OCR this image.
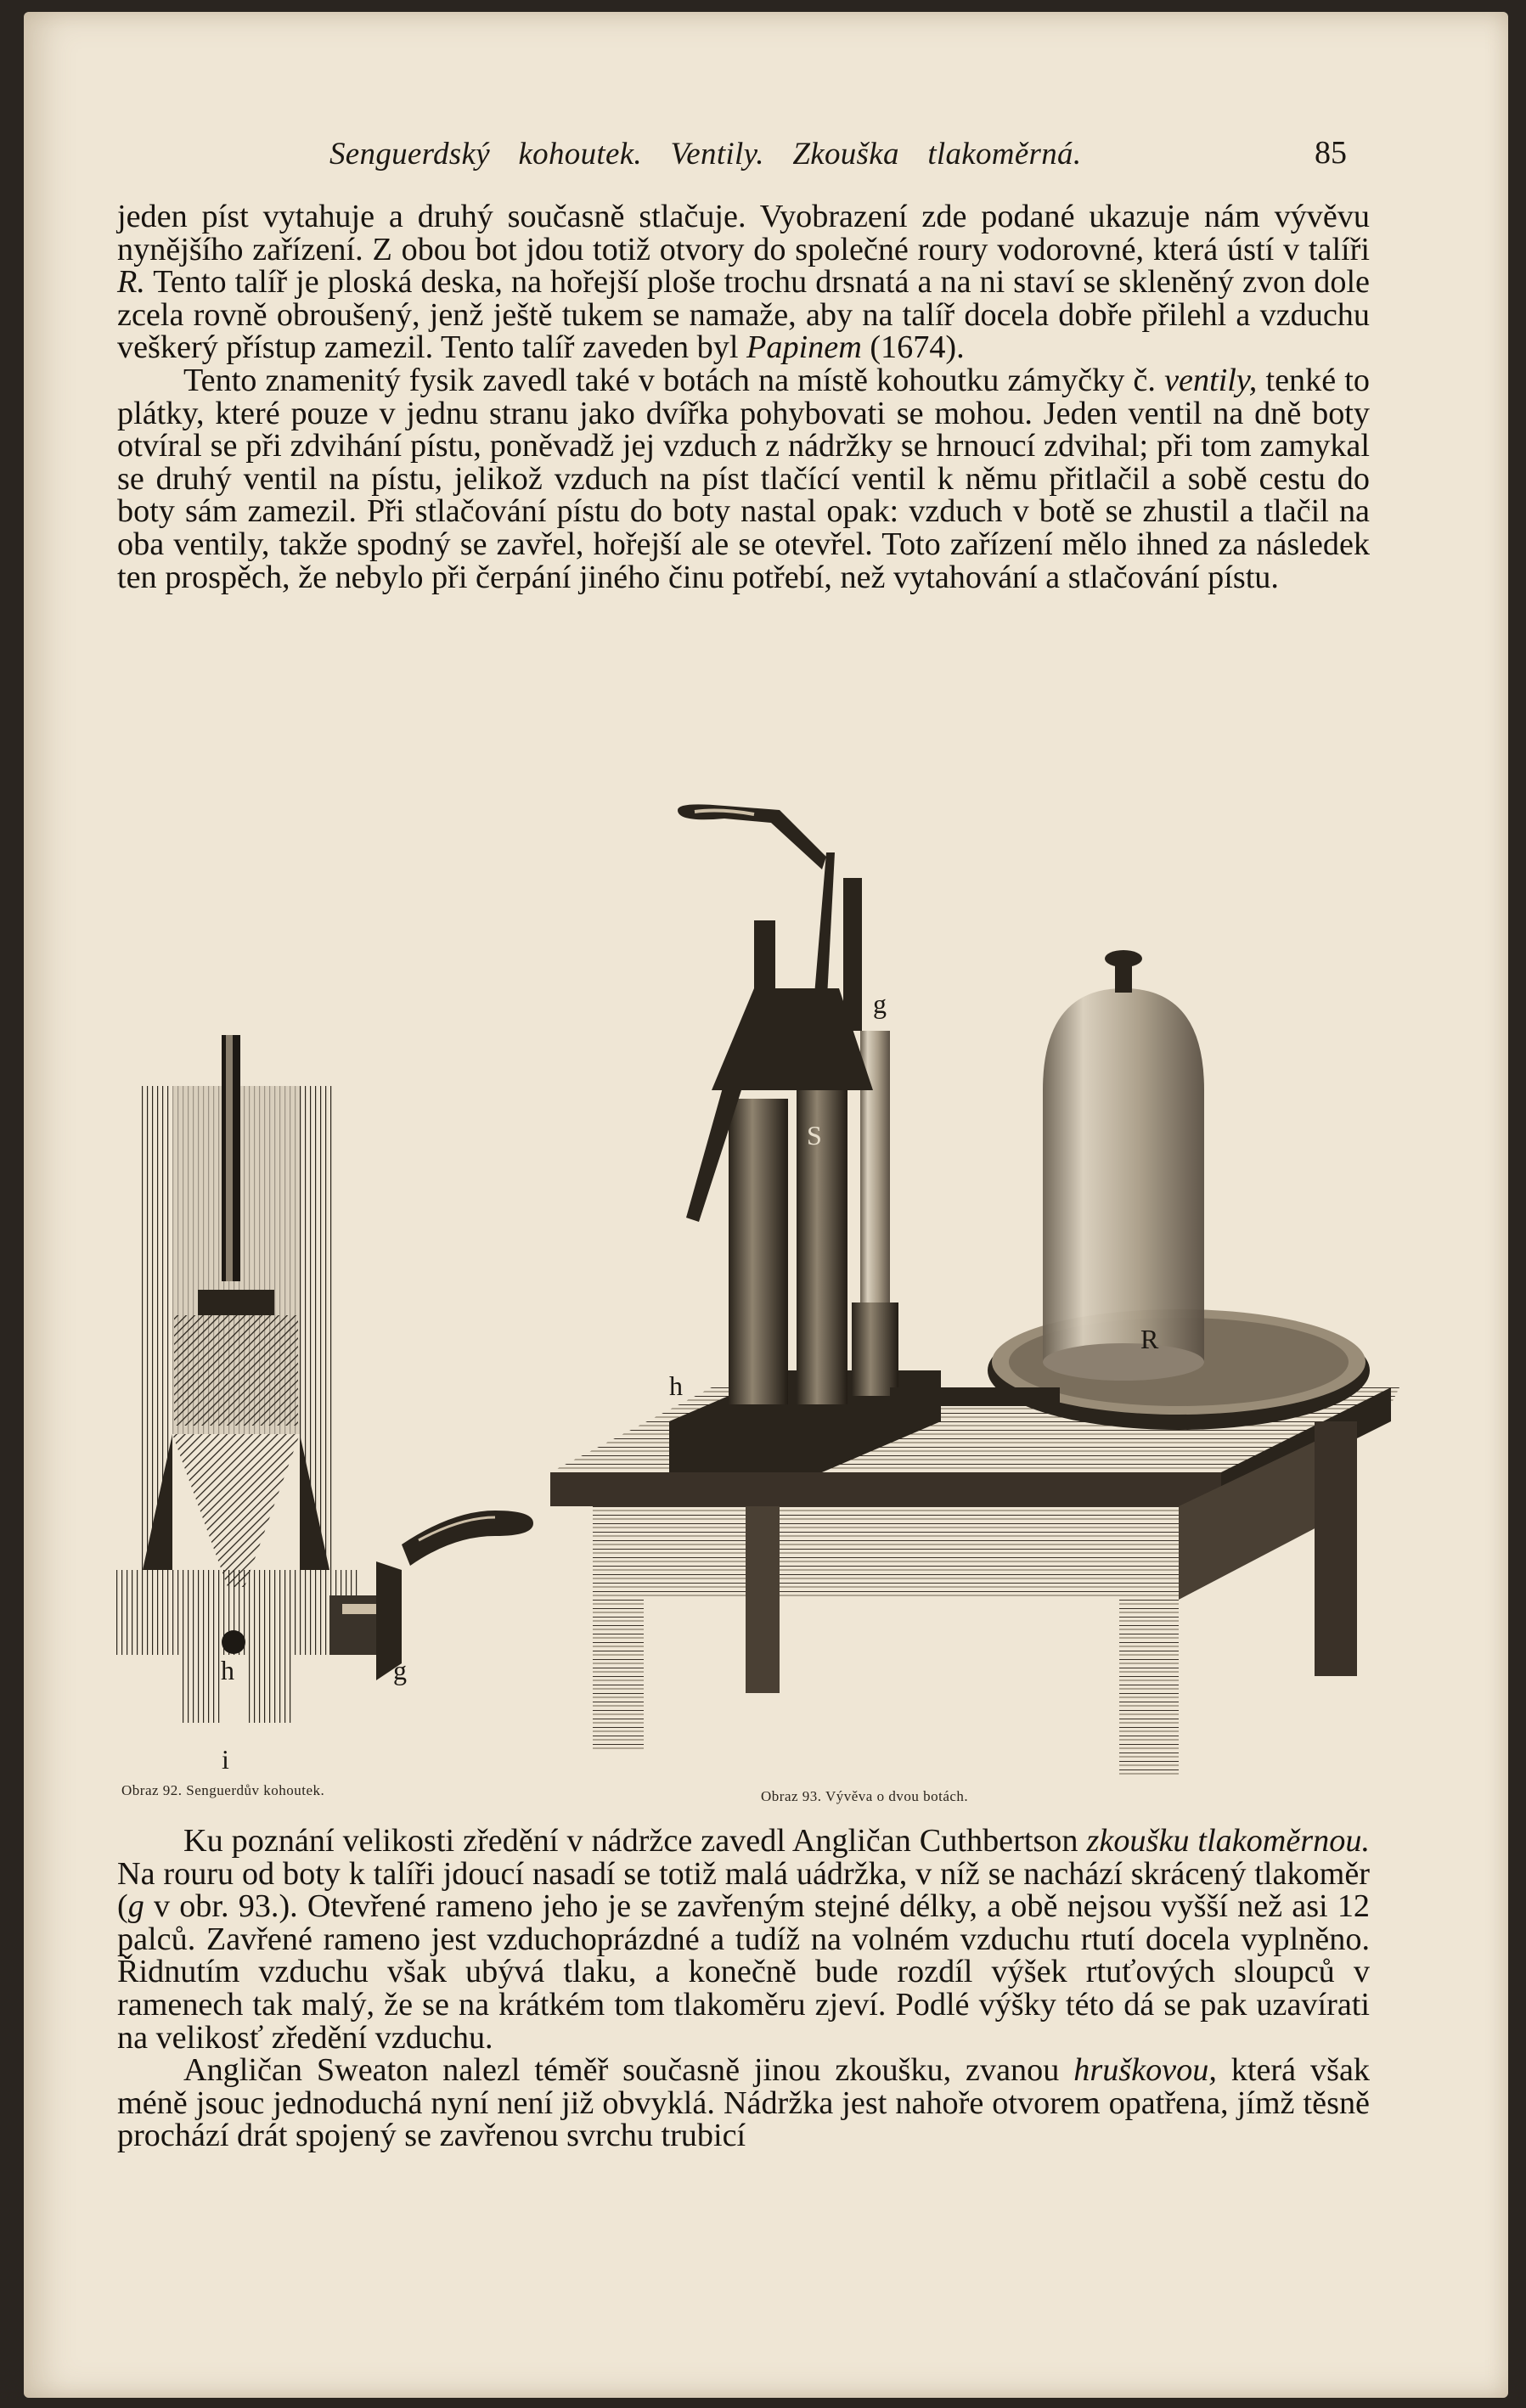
Senguerdský kohoutek. Ventily. Zkouška tlakoměrná.	85

jeden píst vytahuje a druhý současně stlačuje. Vyobrazení zde podané ukazuje nám vývěvu nynějšího zařízení. Z obou bot jdou totiž otvory do společné roury vodorovné, která ústí v talíři R. Tento talíř je ploská deska, na hořejší ploše trochu drsnatá a na ni staví se skleněný zvon dole zcela rovně obroušený, jenž ještě tukem se namaže, aby na talíř docela dobře přilehl a vzduchu veškerý přístup zamezil. Tento talíř zaveden byl Papinem (1674).

Tento znamenitý fysik zavedl také v botách na místě kohoutku zámyčky č. ventily, tenké to plátky, které pouze v jednu stranu jako dvířka pohybovati se mohou. Jeden ventil na dně boty otvíral se při zdvihání pístu, poněvadž jej vzduch z nádržky se hrnoucí zdvihal; při tom zamykal se druhý ventil na pístu, jelikož vzduch na píst tlačící ventil k němu přitlačil a sobě cestu do boty sám zamezil. Při stlačování pístu do boty nastal opak: vzduch v botě se zhustil a tlačil na oba ventily, takže spodný se zavřel, hořejší ale se otevřel. Toto zařízení mělo ihned za následek ten prospěch, že nebylo při čerpání jiného činu potřebí, než vytahování a stlačování pístu.

h	g
i
Obraz 92. Senguerdův kohoutek.
g
h
S
R
Obraz 93. Vývěva o dvou botách.

Ku poznání velikosti zředění v nádržce zavedl Angličan Cuthbertson zkoušku tlakoměrnou. Na rouru od boty k talíři jdoucí nasadí se totiž malá uádržka, v níž se nachází skrácený tlakoměr (g v obr. 93.). Otevřené rameno jeho je se zavřeným stejné délky, a obě nejsou vyšší než asi 12 palců. Zavřené rameno jest vzduchoprázdné a tudíž na volném vzduchu rtutí docela vyplněno. Řidnutím vzduchu však ubývá tlaku, a konečně bude rozdíl výšek rtuťových sloupců v ramenech tak malý, že se na krátkém tom tlakoměru zjeví. Podlé výšky této dá se pak uzavírati na velikosť zředění vzduchu.

Angličan Sweaton nalezl téměř současně jinou zkoušku, zvanou hruškovou, která však méně jsouc jednoduchá nyní není již obvyklá. Nádržka jest nahoře otvorem opatřena, jímž těsně prochází drát spojený se zavřenou svrchu trubicí
